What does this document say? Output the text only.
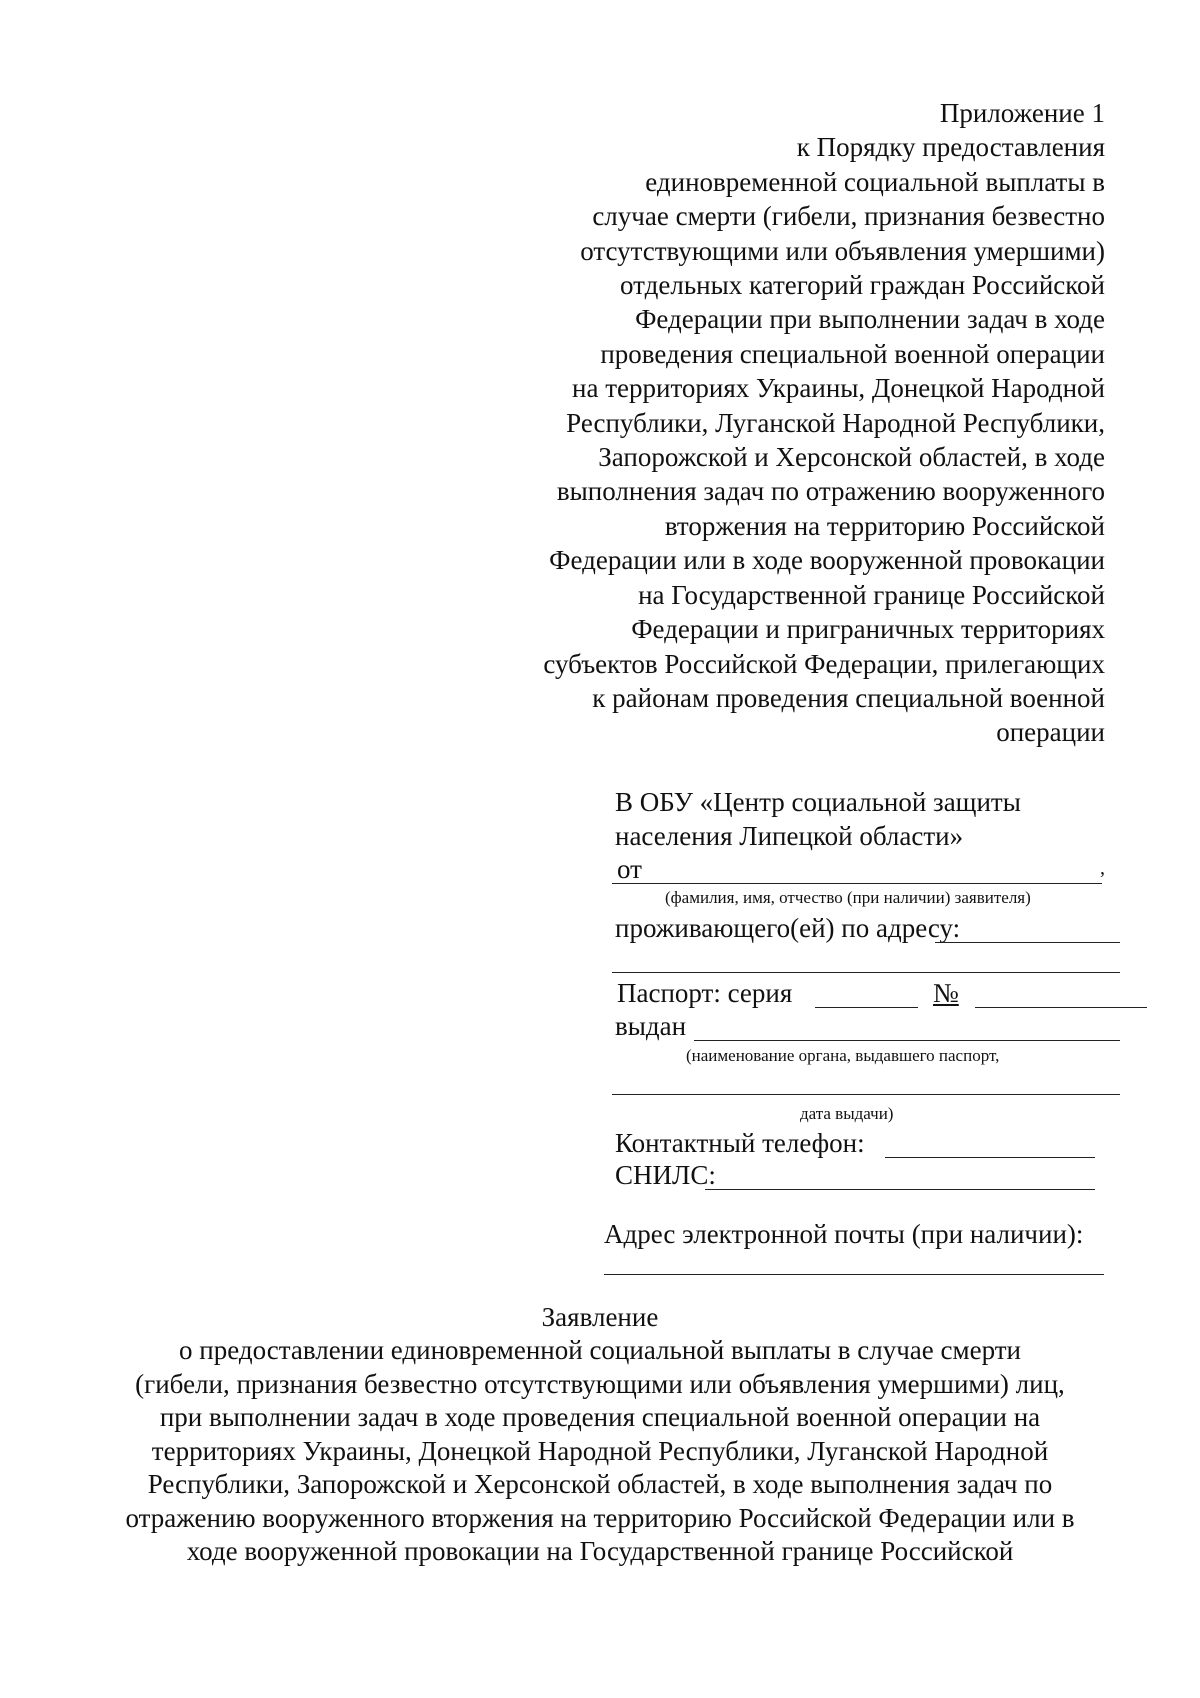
Приложение 1
к Порядку предоставления
единовременной социальной выплаты в
случае смерти (гибели, признания безвестно
отсутствующими или объявления умершими)
отдельных категорий граждан Российской
Федерации при выполнении задач в ходе
проведения специальной военной операции
на территориях Украины, Донецкой Народной
Республики, Луганской Народной Республики,
Запорожской и Херсонской областей, в ходе
выполнения задач по отражению вооруженного
вторжения на территорию Российской
Федерации или в ходе вооруженной провокации
на Государственной границе Российской
Федерации и приграничных территориях
субъектов Российской Федерации, прилегающих
к районам проведения специальной военной
операции
В ОБУ «Центр социальной защиты
населения Липецкой области»
от	,
(фамилия, имя, отчество (при наличии) заявителя)
проживающего(ей) по адресу:
Паспорт: серия	№
выдан
(наименование органа, выдавшего паспорт,
дата выдачи)
Контактный телефон:
СНИЛС:
Адрес электронной почты (при наличии):
Заявление
о предоставлении единовременной социальной выплаты в случае смерти
(гибели, признания безвестно отсутствующими или объявления умершими) лиц,
при выполнении задач в ходе проведения специальной военной операции на
территориях Украины, Донецкой Народной Республики, Луганской Народной
Республики, Запорожской и Херсонской областей, в ходе выполнения задач по
отражению вооруженного вторжения на территорию Российской Федерации или в
ходе вооруженной провокации на Государственной границе Российской
